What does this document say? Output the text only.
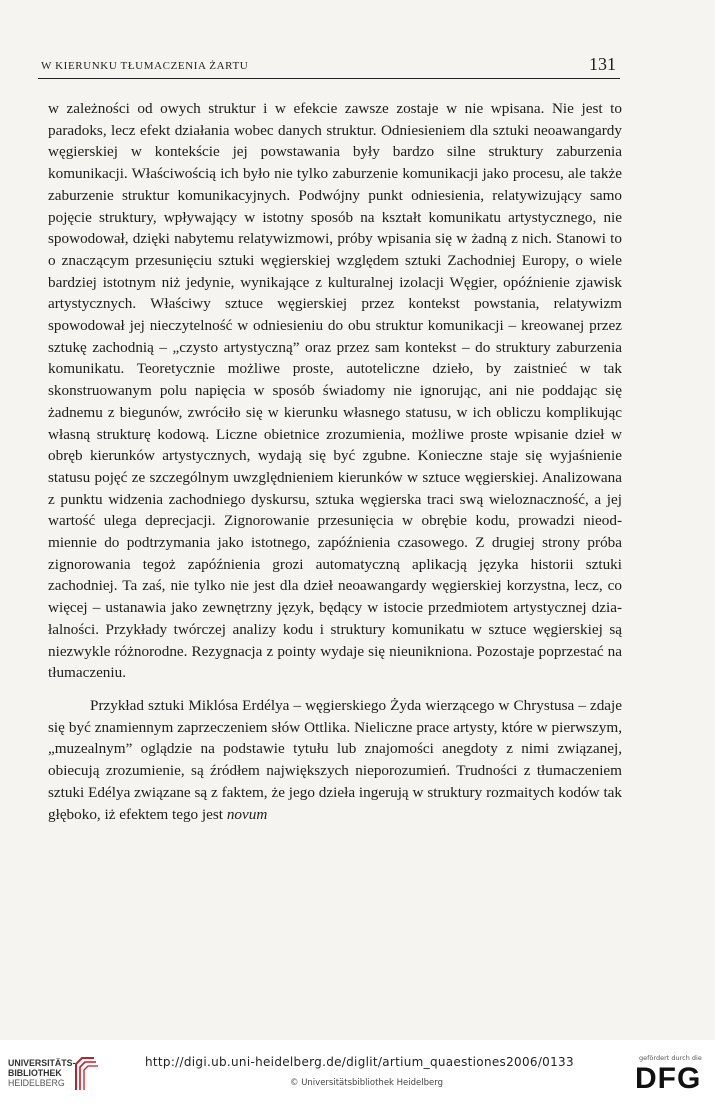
W KIERUNKU TŁUMACZENIA ŻARTU	131

w zależności od owych struktur i w efekcie zawsze zostaje w nie wpisana. Nie jest to paradoks, lecz efekt działania wobec danych struktur. Odniesieniem dla sztuki neoawangardy węgierskiej w kontekście jej powstawania były bardzo silne struktury zaburzenia komunikacji. Właściwością ich było nie tylko zaburzenie komunikacji jako procesu, ale także zaburzenie struktur komunikacyjnych. Podwójny punkt odniesienia, relatywizujący samo pojęcie struktury, wpływający w istotny sposób na kształt komunikatu artystycznego, nie spowodował, dzięki nabytemu relatywizmowi, próby wpisania się w żadną z nich. Stanowi to o znaczącym przesunięciu sztuki węgierskiej względem sztuki Zachodniej Europy, o wiele bardziej istotnym niż jedynie, wynikające z kulturalnej izolacji Węgier, opóźnienie zjawisk artystycznych. Właściwy sztuce węgierskiej przez kontekst powstania, relatywizm spowodował jej nieczytelność w odniesieniu do obu struktur komunikacji – kreowanej przez sztukę zachodnią – „czysto artystyczną” oraz przez sam kontekst – do struktury zaburzenia komunikatu. Teoretycznie możliwe proste, autoteliczne dzieło, by zaistnieć w tak skonstruowanym polu napięcia w sposób świadomy nie ignorując, ani nie poddając się żadnemu z biegunów, zwróciło się w kierunku własnego statusu, w ich obliczu komplikując własną strukturę kodową. Liczne obietnice zrozumienia, możliwe proste wpisanie dzieł w obręb kierunków artystycznych, wydają się być zgubne. Konieczne staje się wyjaśnienie statusu pojęć ze szczególnym uwzględnieniem kierunków w sztuce węgierskiej. Analizowana z punktu widzenia zachodniego dyskursu, sztuka węgierska traci swą wieloznaczność, a jej wartość ulega deprecjacji. Zignorowanie przesunięcia w obrębie kodu, prowadzi nieodmiennie do podtrzymania jako istotnego, zapóźnienia czasowego. Z drugiej strony próba zignorowania tegoż zapóźnienia grozi automatyczną aplikacją języka historii sztuki zachodniej. Ta zaś, nie tylko nie jest dla dzieł neoawangardy węgierskiej korzystna, lecz, co więcej – ustanawia jako zewnętrzny język, będący w istocie przedmiotem artystycznej działalności. Przykłady twórczej analizy kodu i struktury komunikatu w sztuce węgierskiej są niezwykle różnorodne. Rezygnacja z pointy wydaje się nieunikniona. Pozostaje poprzestać na tłumaczeniu.

Przykład sztuki Miklósa Erdélya – węgierskiego Żyda wierzącego w Chrystusa – zdaje się być znamiennym zaprzeczeniem słów Ottlika. Nieliczne prace artysty, które w pierwszym, „muzealnym” oglądzie na podstawie tytułu lub znajomości anegdoty z nimi związanej, obiecują zrozumienie, są źródłem największych nieporozumień. Trudności z tłumaczeniem sztuki Edélya związane są z faktem, że jego dzieła ingerują w struktury rozmaitych kodów tak głęboko, iż efektem tego jest novum

UNIVERSITÄTS-
BIBLIOTHEK
HEIDELBERG
http://digi.ub.uni-heidelberg.de/diglit/artium_quaestiones2006/0133
© Universitätsbibliothek Heidelberg
gefördert durch die
DFG
